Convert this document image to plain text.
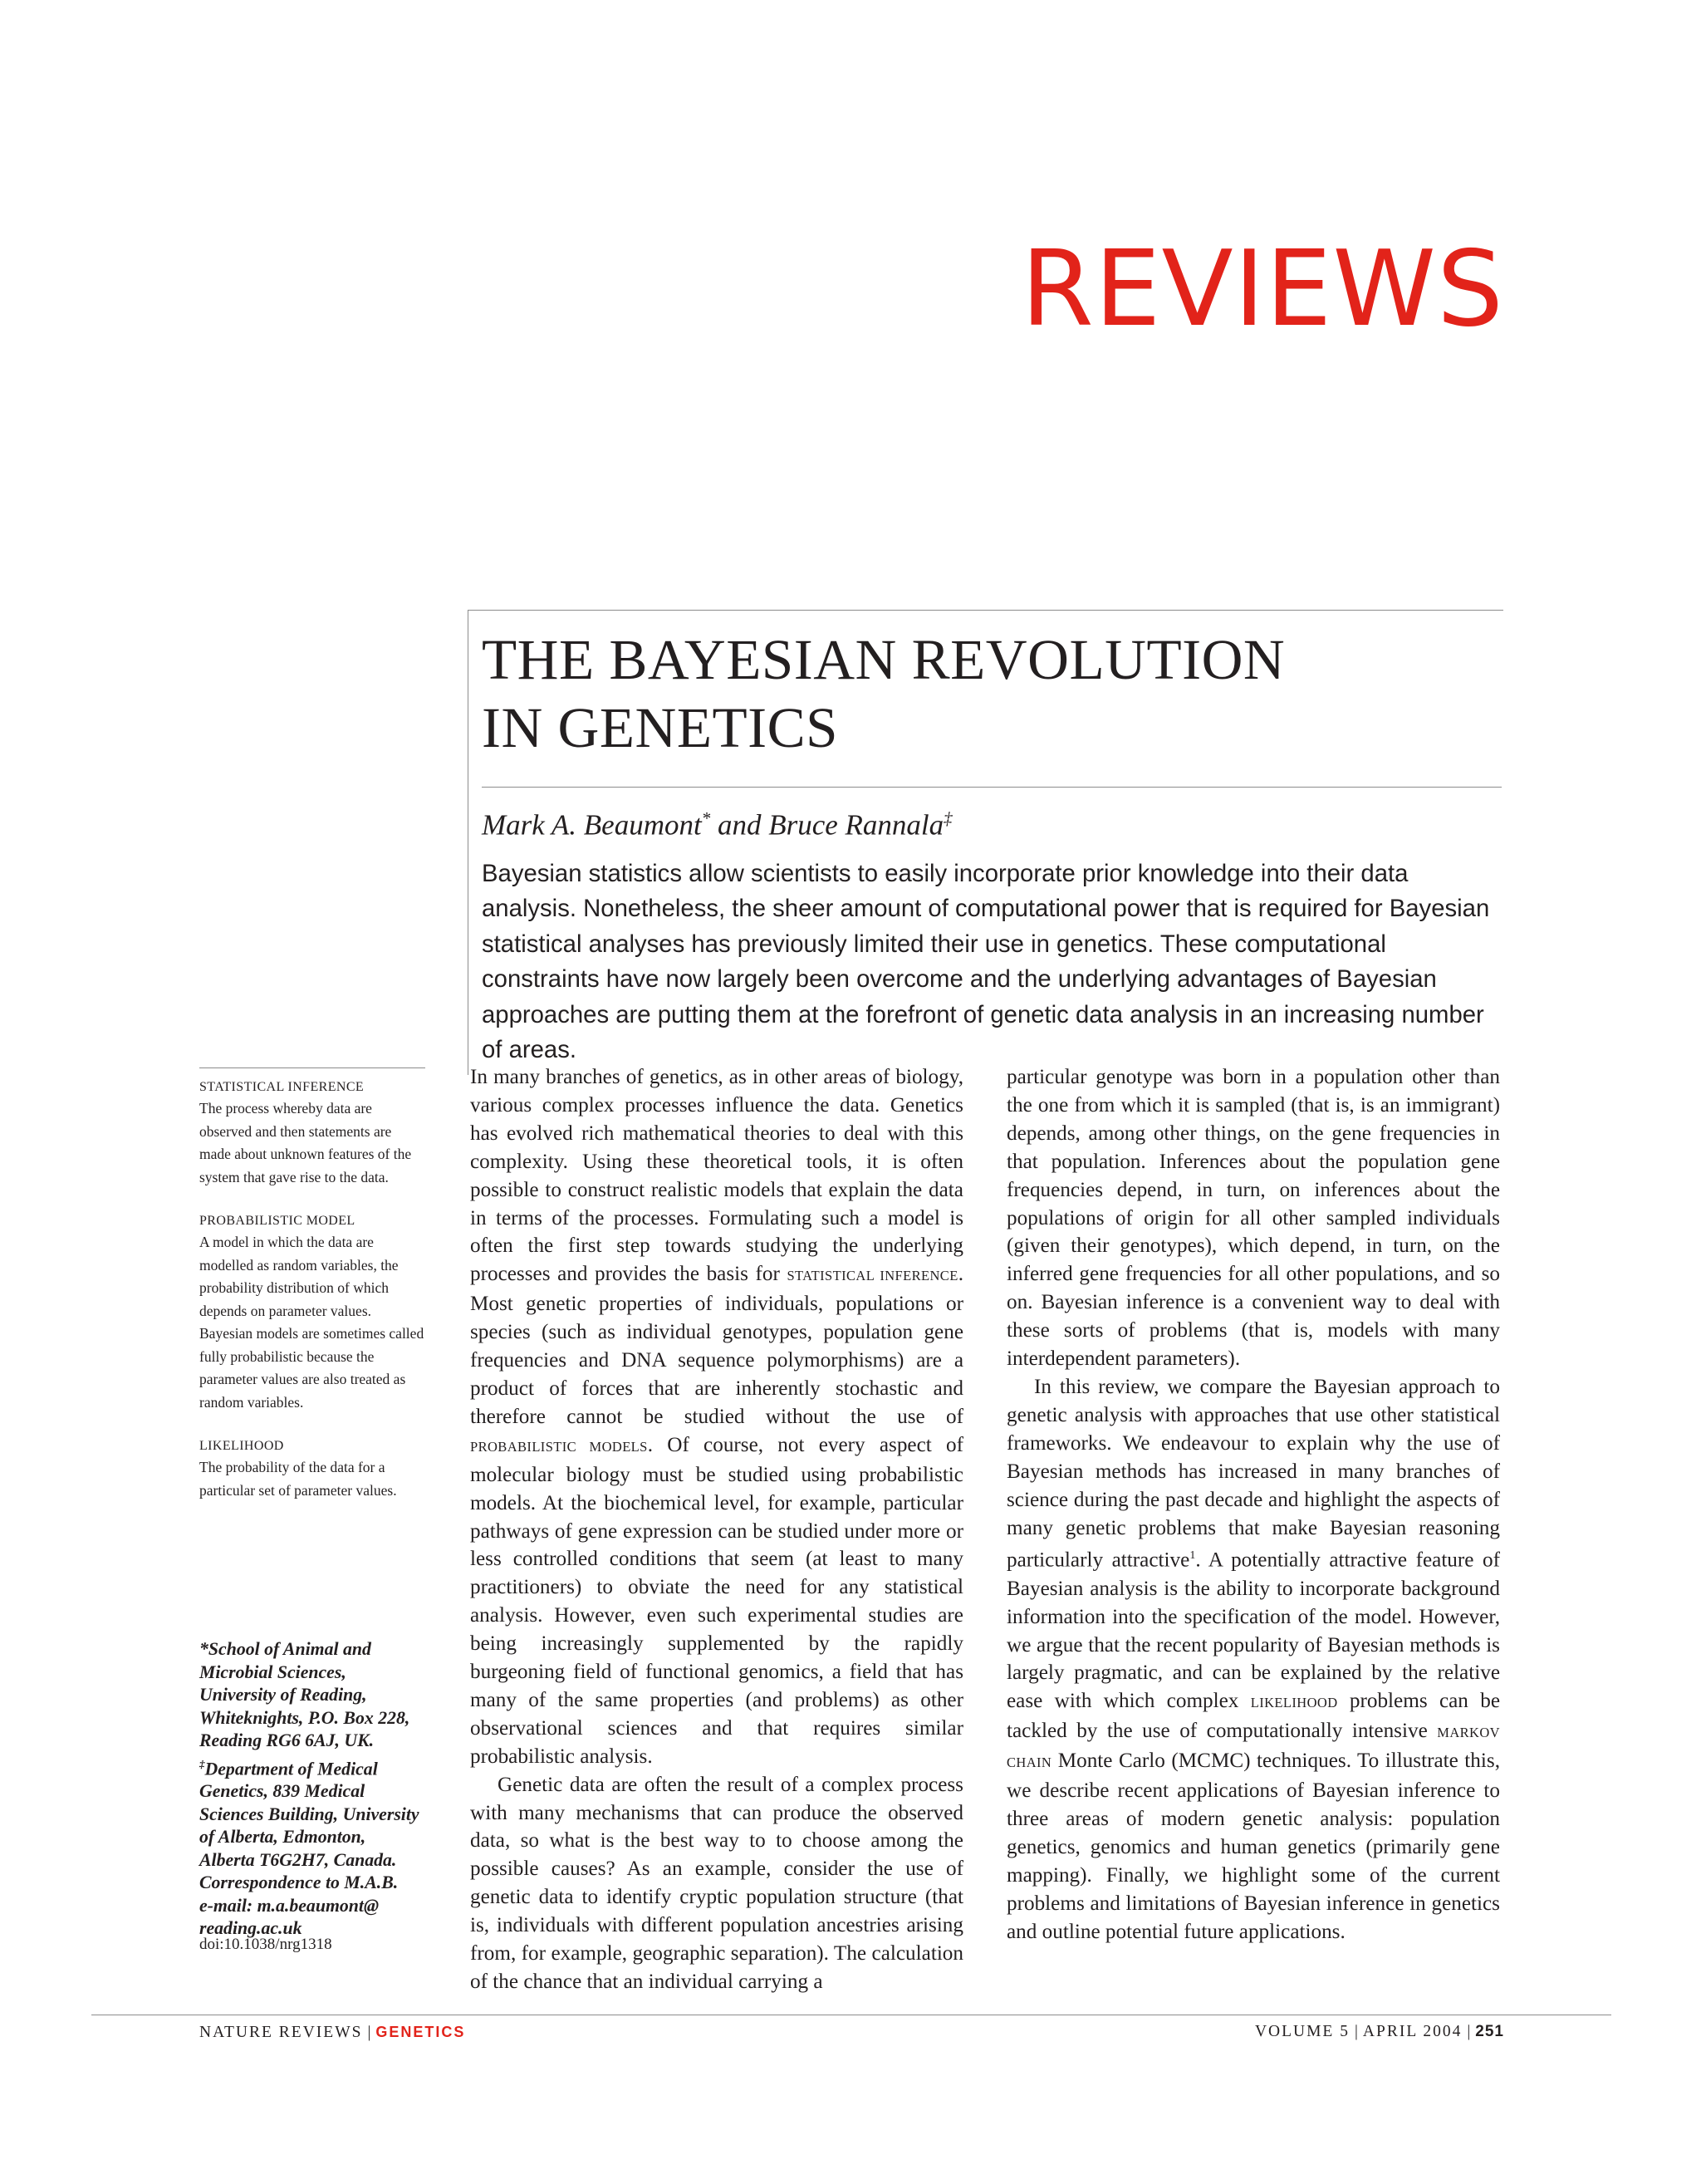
REVIEWS
THE BAYESIAN REVOLUTION
IN GENETICS

Mark A. Beaumont* and Bruce Rannala‡

Bayesian statistics allow scientists to easily incorporate prior knowledge into their data analysis. Nonetheless, the sheer amount of computational power that is required for Bayesian statistical analyses has previously limited their use in genetics. These computational constraints have now largely been overcome and the underlying advantages of Bayesian approaches are putting them at the forefront of genetic data analysis in an increasing number of areas.

STATISTICAL INFERENCE
The process whereby data are observed and then statements are made about unknown features of the system that gave rise to the data.
PROBABILISTIC MODEL
A model in which the data are modelled as random variables, the probability distribution of which depends on parameter values. Bayesian models are sometimes called fully probabilistic because the parameter values are also treated as random variables.
LIKELIHOOD
The probability of the data for a particular set of parameter values.
*School of Animal and
Microbial Sciences,
University of Reading,
Whiteknights, P.O. Box 228,
Reading RG6 6AJ, UK.
‡Department of Medical
Genetics, 839 Medical
Sciences Building, University
of Alberta, Edmonton,
Alberta T6G2H7, Canada.
Correspondence to M.A.B.
e-mail: m.a.beaumont@
reading.ac.uk
doi:10.1038/nrg1318

In many branches of genetics, as in other areas of biology, various complex processes influence the data. Genetics has evolved rich mathematical theories to deal with this complexity. Using these theoretical tools, it is often possible to construct realistic models that explain the data in terms of the processes. Formulating such a model is often the first step towards studying the underlying processes and provides the basis for STATISTICAL INFERENCE. Most genetic properties of individuals, populations or species (such as individual genotypes, population gene frequencies and DNA sequence polymorphisms) are a product of forces that are inherently stochastic and therefore cannot be studied without the use of PROBABILISTIC MODELS. Of course, not every aspect of molecular biology must be studied using probabilistic models. At the biochemical level, for example, particular pathways of gene expression can be studied under more or less controlled conditions that seem (at least to many practitioners) to obviate the need for any statistical analysis. However, even such experimental studies are being increasingly supplemented by the rapidly burgeoning field of functional genomics, a field that has many of the same properties (and problems) as other observational sciences and that requires similar probabilistic analysis.

Genetic data are often the result of a complex process with many mechanisms that can produce the observed data, so what is the best way to to choose among the possible causes? As an example, consider the use of genetic data to identify cryptic population structure (that is, individuals with different population ancestries arising from, for example, geographic separation). The calculation of the chance that an individual carrying a

particular genotype was born in a population other than the one from which it is sampled (that is, is an immigrant) depends, among other things, on the gene frequencies in that population. Inferences about the population gene frequencies depend, in turn, on inferences about the populations of origin for all other sampled individuals (given their genotypes), which depend, in turn, on the inferred gene frequencies for all other populations, and so on. Bayesian inference is a convenient way to deal with these sorts of problems (that is, models with many interdependent parameters).

In this review, we compare the Bayesian approach to genetic analysis with approaches that use other statistical frameworks. We endeavour to explain why the use of Bayesian methods has increased in many branches of science during the past decade and highlight the aspects of many genetic problems that make Bayesian reasoning particularly attractive$^1$. A potentially attractive feature of Bayesian analysis is the ability to incorporate background information into the specification of the model. However, we argue that the recent popularity of Bayesian methods is largely pragmatic, and can be explained by the relative ease with which complex LIKELIHOOD problems can be tackled by the use of computationally intensive MARKOV CHAIN Monte Carlo (MCMC) techniques. To illustrate this, we describe recent applications of Bayesian inference to three areas of modern genetic analysis: population genetics, genomics and human genetics (primarily gene mapping). Finally, we highlight some of the current problems and limitations of Bayesian inference in genetics and outline potential future applications.

NATURE REVIEWS | GENETICS	VOLUME 5 | APRIL 2004 | 251
